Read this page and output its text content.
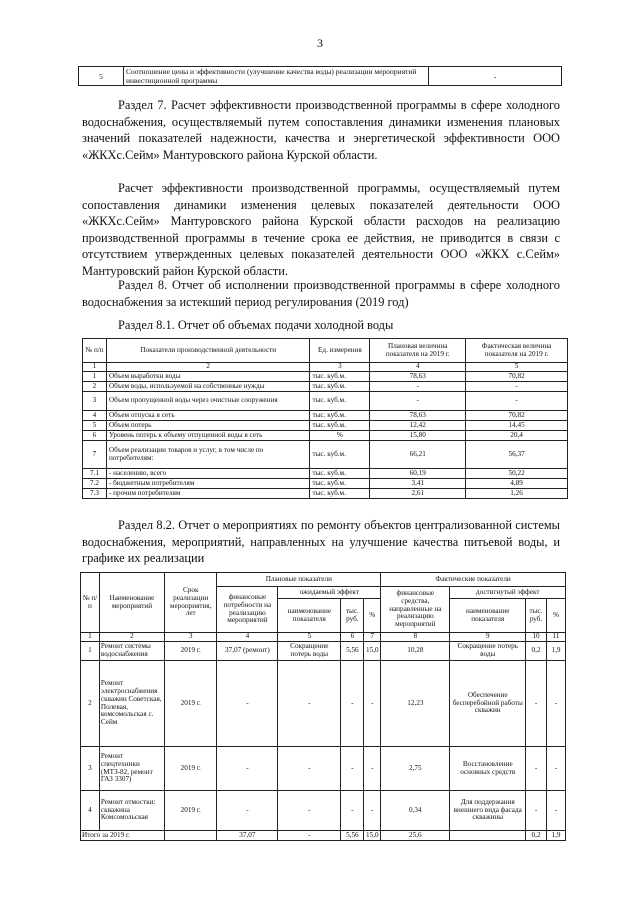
3
5	Соотношение цены и эффективности (улучшение качества воды) реализации мероприятий инвестиционной программы	-

Раздел 7. Расчет эффективности производственной программы в сфере холодного водоснабжения, осуществляемый путем сопоставления динамики изменения плановых значений показателей надежности, качества и энергетической эффективности ООО «ЖКХс.Сейм» Мантуровского района Курской области.

Расчет эффективности производственной программы, осуществляемый путем сопоставления динамики изменения целевых показателей деятельности ООО «ЖКХс.Сейм» Мантуровского района Курской области расходов на реализацию производственной программы в течение срока ее действия, не приводится в связи с отсутствием утвержденных целевых показателей деятельности ООО «ЖКХ с.Сейм» Мантуровский район Курской области.

Раздел 8. Отчет об исполнении производственной программы в сфере холодного водоснабжения за истекший период регулирования (2019 год)

Раздел 8.1. Отчет об объемах подачи холодной воды

№ п/п	Показатели производственной деятельности	Ед. измерения	Плановая величина показателя на 2019 г.	Фактическая величина показателя на 2019 г.
1	2	3	4	5
1	Объем выработки воды	тыс. куб.м.	78,63	70,82
2	Объем воды, используемой на собственные нужды	тыс. куб.м.	-	-
3	Объем пропущенной воды через очистные сооружения	тыс. куб.м.	-	-
4	Объем отпуска в сеть	тыс. куб.м.	78,63	70,82
5	Объем потерь	тыс. куб.м.	12,42	14,45
6	Уровень потерь к объему отпущенной воды в сеть	%	15,80	20,4
7	Объем реализации товаров и услуг, в том числе по потребителям:	тыс. куб.м.	66,21	56,37
7.1	- населению, всего	тыс. куб.м.	60,19	50,22
7.2	- бюджетным потребителям	тыс. куб.м.	3,41	4,89
7.3	- прочим потребителям	тыс. куб.м.	2,61	1,26

Раздел 8.2. Отчет о мероприятиях по ремонту объектов централизованной системы водоснабжения, мероприятий, направленных на улучшение качества питьевой воды, и графике их реализации

№ п/ п	Наименование мероприятий	Срок реализации мероприятия, лет	Плановые показатели				Фактические показатели			
			финансовые потребности на реализацию мероприятий	ожидаемый эффект			финансовые средства, направленные на реализацию мероприятий	достигнутый эффект		
				наименование показателя	тыс. руб.	%		наименование показателя	тыс. руб.	%
1	2	3	4	5	6	7	8	9	10	11
1	Ремонт системы водоснабжения	2019 г.	37,07 (ремонт)	Сокращение потерь воды	5,56	15,0	10,28	Сокращение потерь воды	0,2	1,9
2	Ремонт электроснабжения скважин Советская, Полевая, комсомольская с. Сейм	2019 г.	-	-	-	-	12,23	Обеспечение бесперебойной работы скважин	-	-
3	Ремонт спецтехники (МТЗ-82, ремонт ГАЗ 3307)	2019 г.	-	-	-	-	2,75	Восстановление основных средств	-	-
4	Ремонт отмостки: скважина Комсомольская	2019 г.	-	-	-	-	0,34	Для поддержания внешнего вида фасада скважины	-	-
Итого за 2019 г.			37,07	-	5,56	15,0	25,6		0,2	1,9
